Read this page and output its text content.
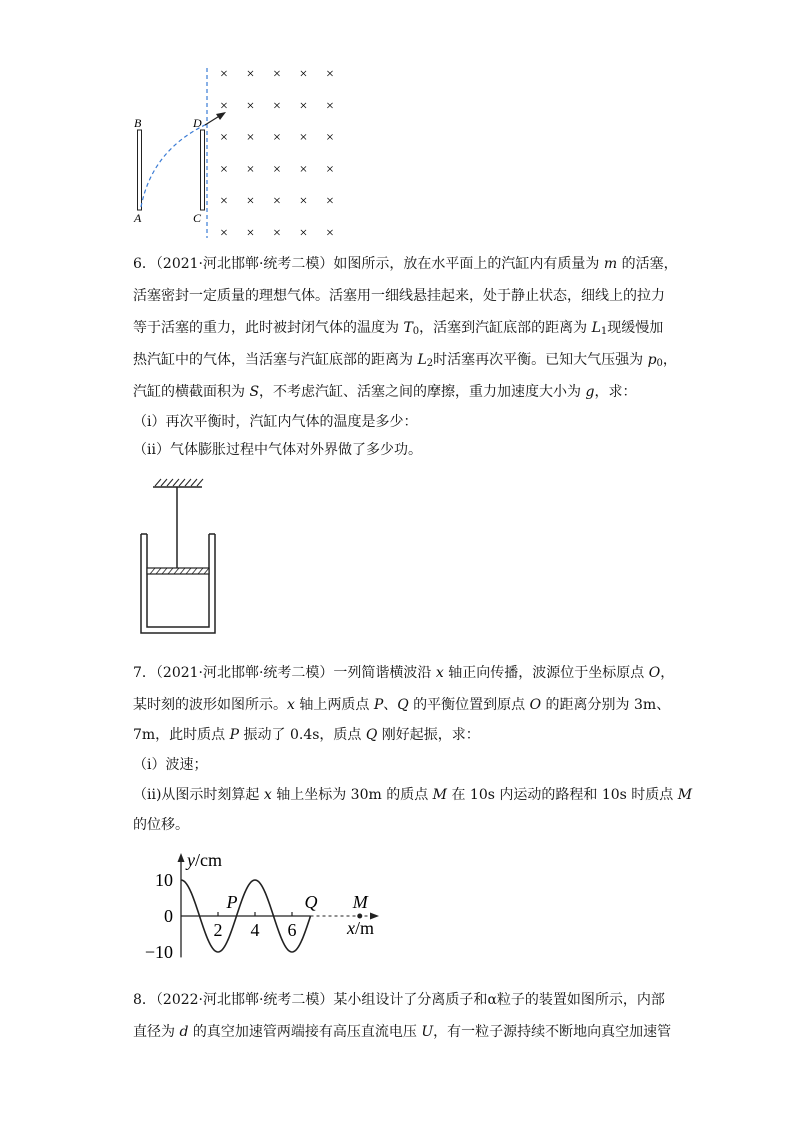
B	D
A	C
× × × × ×
× × × × ×
× × × × ×
× × × × ×
× × × × ×
× × × × ×
6．（2021·河北邯郸·统考二模）如图所示，放在水平面上的汽缸内有质量为 m 的活塞，
活塞密封一定质量的理想气体。活塞用一细线悬挂起来，处于静止状态，细线上的拉力
等于活塞的重力，此时被封闭气体的温度为 $T_0$，活塞到汽缸底部的距离为 $L_1$现缓慢加
热汽缸中的气体，当活塞与汽缸底部的距离为 $L_2$时活塞再次平衡。已知大气压强为 $p_0$，
汽缸的横截面积为 S，不考虑汽缸、活塞之间的摩擦，重力加速度大小为 g，求：
（i）再次平衡时，汽缸内气体的温度是多少：
（ii）气体膨胀过程中气体对外界做了多少功。
7．（2021·河北邯郸·统考二模）一列简谐横波沿 x 轴正向传播，波源位于坐标原点 O，
某时刻的波形如图所示。x 轴上两质点 P、Q 的平衡位置到原点 O 的距离分别为 3m、
7m，此时质点 P 振动了 0.4s，质点 Q 刚好起振，求：
（i）波速；
（ii)从图示时刻算起 x 轴上坐标为 30m 的质点 M 在 10s 内运动的路程和 10s 时质点 M
的位移。
2 4 6
10
0
−10
y/cm
x/m
P	Q M
8．（2022·河北邯郸·统考二模）某小组设计了分离质子和α粒子的装置如图所示，内部
直径为 d 的真空加速管两端接有高压直流电压 U，有一粒子源持续不断地向真空加速管
